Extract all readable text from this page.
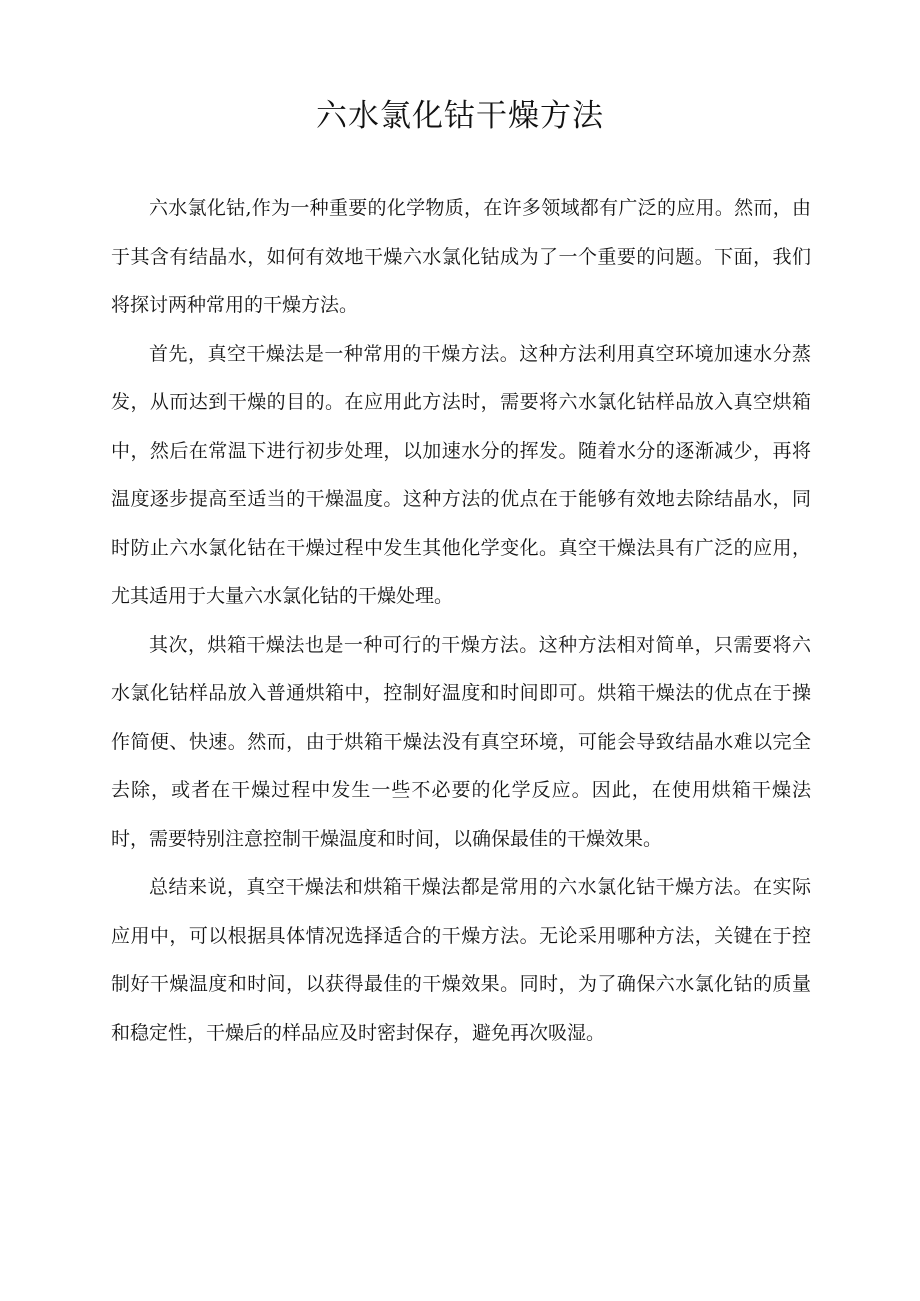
六水氯化钴干燥方法

六水氯化钴,作为一种重要的化学物质，在许多领域都有广泛的应用。然而，由于其含有结晶水，如何有效地干燥六水氯化钴成为了一个重要的问题。下面，我们将探讨两种常用的干燥方法。

首先，真空干燥法是一种常用的干燥方法。这种方法利用真空环境加速水分蒸发，从而达到干燥的目的。在应用此方法时，需要将六水氯化钴样品放入真空烘箱中，然后在常温下进行初步处理，以加速水分的挥发。随着水分的逐渐减少，再将温度逐步提高至适当的干燥温度。这种方法的优点在于能够有效地去除结晶水，同时防止六水氯化钴在干燥过程中发生其他化学变化。真空干燥法具有广泛的应用，尤其适用于大量六水氯化钴的干燥处理。

其次，烘箱干燥法也是一种可行的干燥方法。这种方法相对简单，只需要将六水氯化钴样品放入普通烘箱中，控制好温度和时间即可。烘箱干燥法的优点在于操作简便、快速。然而，由于烘箱干燥法没有真空环境，可能会导致结晶水难以完全去除，或者在干燥过程中发生一些不必要的化学反应。因此，在使用烘箱干燥法时，需要特别注意控制干燥温度和时间，以确保最佳的干燥效果。

总结来说，真空干燥法和烘箱干燥法都是常用的六水氯化钴干燥方法。在实际应用中，可以根据具体情况选择适合的干燥方法。无论采用哪种方法，关键在于控制好干燥温度和时间，以获得最佳的干燥效果。同时，为了确保六水氯化钴的质量和稳定性，干燥后的样品应及时密封保存，避免再次吸湿。
